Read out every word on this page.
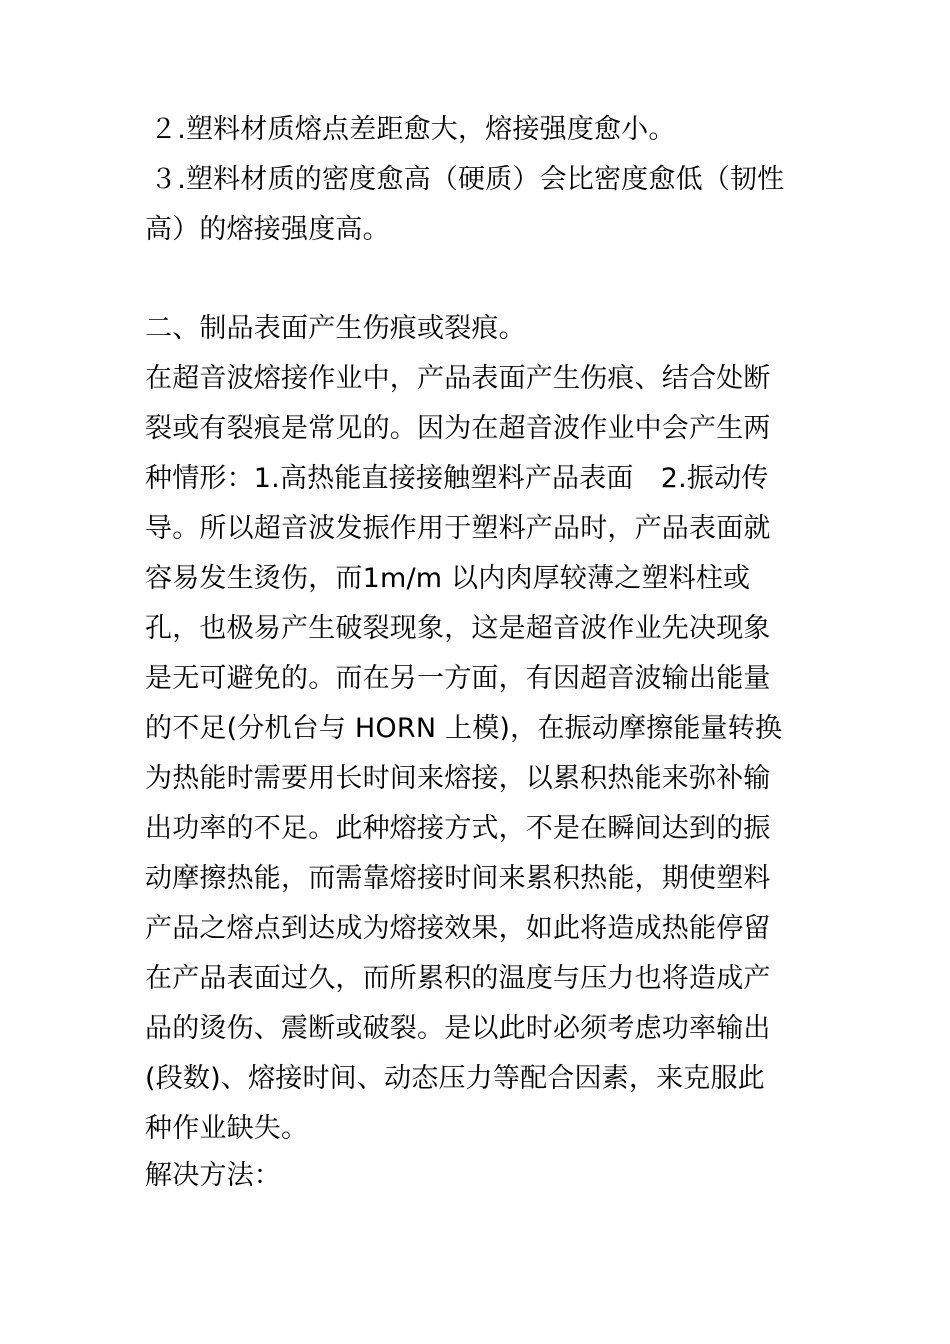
２.塑料材质熔点差距愈大，熔接强度愈小。
３.塑料材质的密度愈高（硬质）会比密度愈低（韧性
高）的熔接强度高。
二、制品表面产生伤痕或裂痕。
在超音波熔接作业中，产品表面产生伤痕、结合处断
裂或有裂痕是常见的。因为在超音波作业中会产生两
种情形：1.高热能直接接触塑料产品表面　2.振动传
导。所以超音波发振作用于塑料产品时，产品表面就
容易发生烫伤，而1m/m 以内肉厚较薄之塑料柱或
孔，也极易产生破裂现象，这是超音波作业先决现象
是无可避免的。而在另一方面，有因超音波输出能量
的不足(分机台与 HORN 上模)，在振动摩擦能量转换
为热能时需要用长时间来熔接，以累积热能来弥补输
出功率的不足。此种熔接方式，不是在瞬间达到的振
动摩擦热能，而需靠熔接时间来累积热能，期使塑料
产品之熔点到达成为熔接效果，如此将造成热能停留
在产品表面过久，而所累积的温度与压力也将造成产
品的烫伤、震断或破裂。是以此时必须考虑功率输出
(段数)、熔接时间、动态压力等配合因素，来克服此
种作业缺失。
解决方法：
